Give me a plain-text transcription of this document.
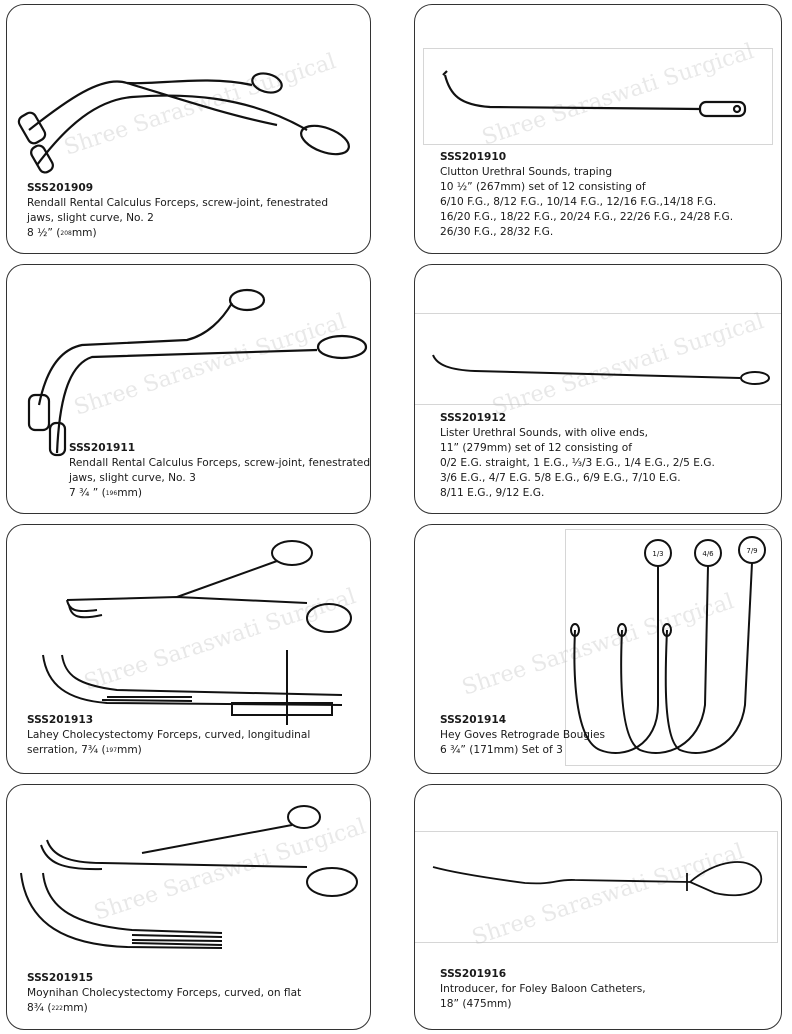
Shree Saraswati Surgical
SSS201909
Rendall Rental Calculus Forceps, screw-joint, fenestrated
jaws, slight curve, No. 2
8 ½” ($^{208}$mm)
Shree Saraswati Surgical
SSS201910
Clutton Urethral Sounds, traping
10 ½” (267mm) set of 12 consisting of
6/10 F.G., 8/12 F.G., 10/14 F.G., 12/16 F.G.,14/18 F.G.
16/20 F.G., 18/22 F.G., 20/24 F.G., 22/26 F.G., 24/28 F.G.
26/30 F.G., 28/32 F.G.
Shree Saraswati Surgical
SSS201911
Rendall Rental Calculus Forceps, screw-joint, fenestrated
jaws, slight curve, No. 3
7 ¾ ” ($^{196}$mm)
Shree Saraswati Surgical
SSS201912
Lister Urethral Sounds, with olive ends,
11” (279mm) set of 12 consisting of
0/2 E.G. straight, 1 E.G., ⅓/3 E.G., 1/4 E.G., 2/5 E.G.
3/6 E.G., 4/7 E.G. 5/8 E.G., 6/9 E.G., 7/10 E.G.
8/11 E.G., 9/12 E.G.
Shree Saraswati Surgical
SSS201913
Lahey Cholecystectomy Forceps, curved, longitudinal
serration, 7¾ ($^{197}$mm)
Shree Saraswati Surgical
1/3	4/6	7/9
SSS201914
Hey Goves Retrograde Bougies
6 ¾” (171mm) Set of 3
Shree Saraswati Surgical
SSS201915
Moynihan Cholecystectomy Forceps, curved, on flat
8¾ ($^{222}$mm)
Shree Saraswati Surgical
SSS201916
Introducer, for Foley Baloon Catheters,
18” (475mm)
